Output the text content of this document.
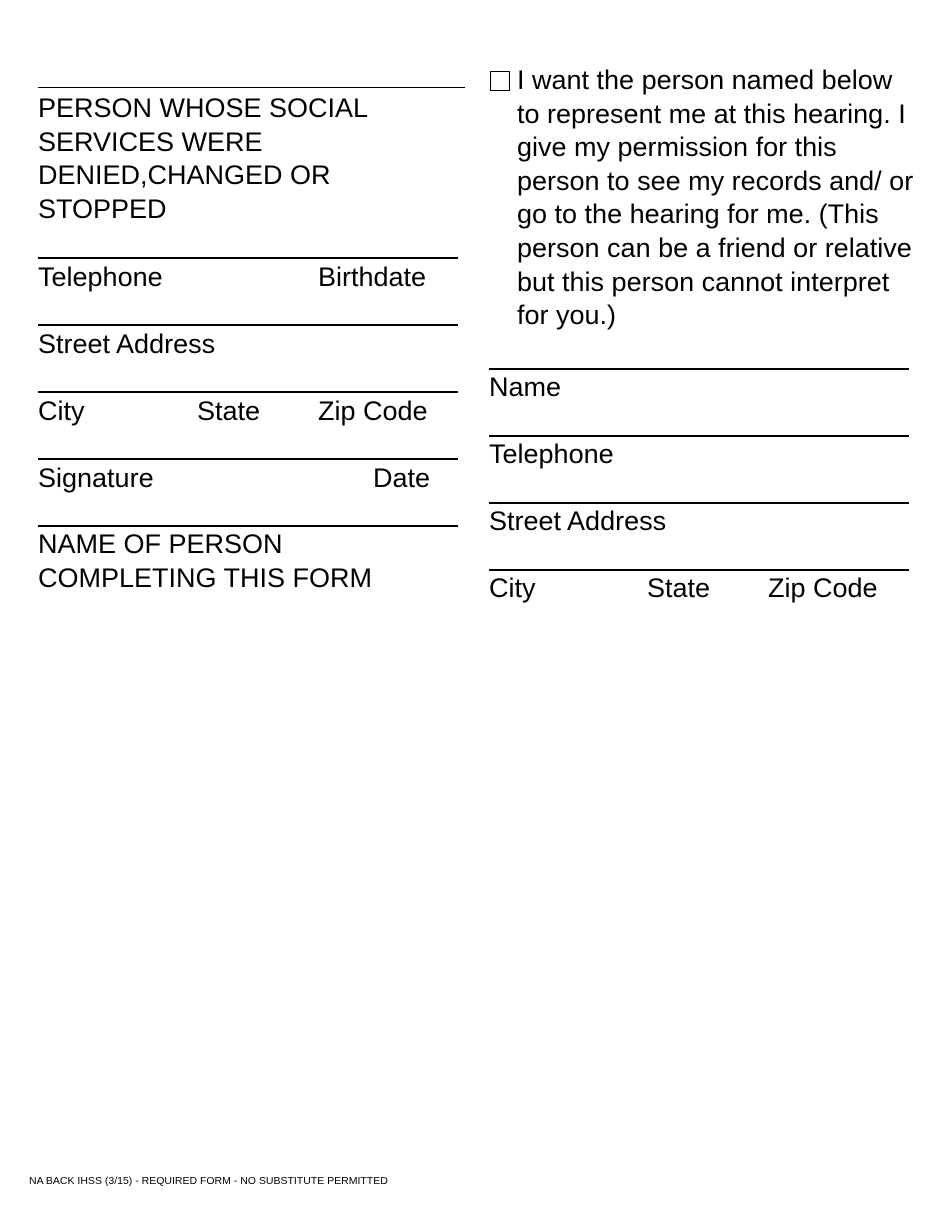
PERSON WHOSE SOCIAL SERVICES WERE DENIED,CHANGED OR STOPPED
Telephone	Birthdate
Street Address
City	State Zip Code
Signature	Date
NAME OF PERSON COMPLETING THIS FORM
I want the person named below to represent me at this hearing. I give my permission for this person to see my records and/ or go to the hearing for me. (This person can be a friend or relative but this person cannot interpret for you.)
Name
Telephone
Street Address
City	State Zip Code
NA BACK IHSS (3/15) - REQUIRED FORM - NO SUBSTITUTE PERMITTED
